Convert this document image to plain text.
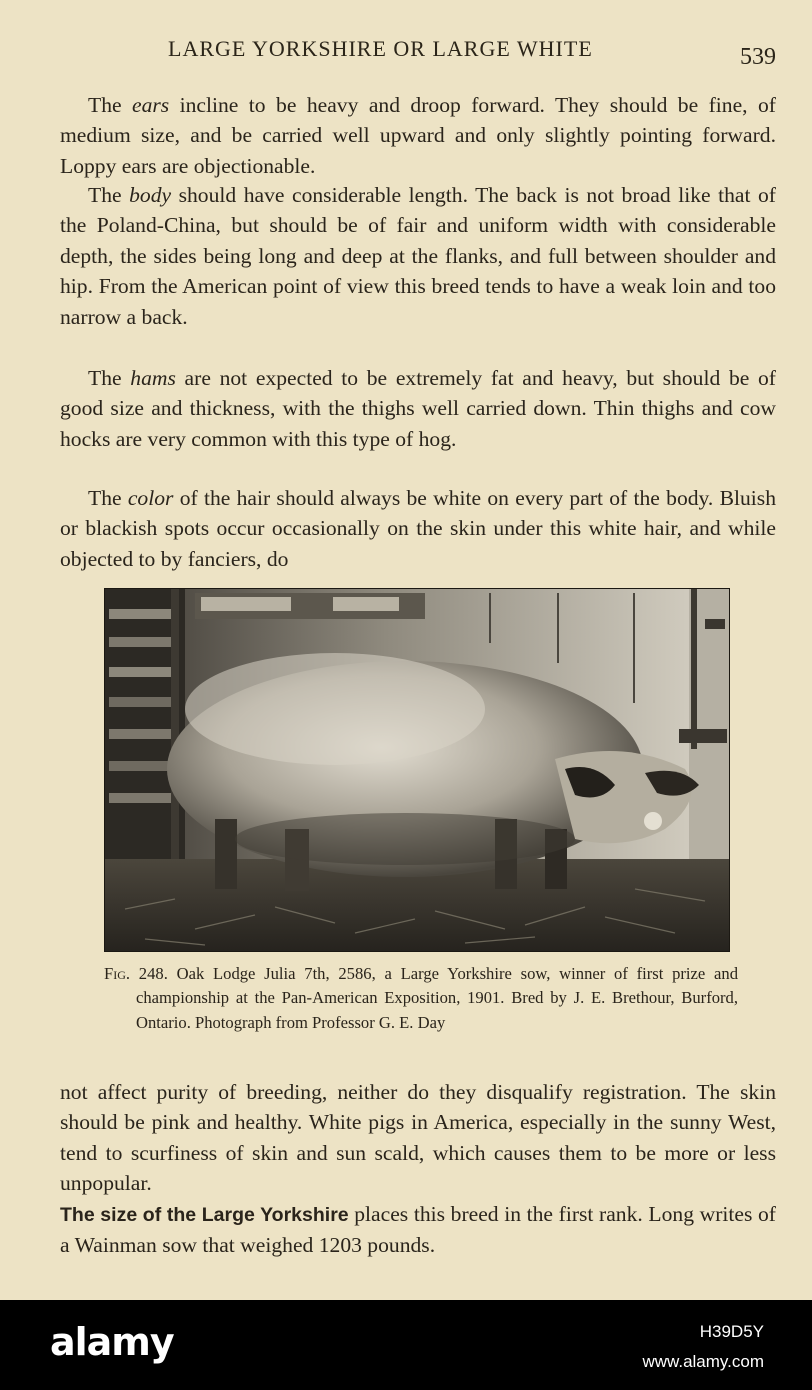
LARGE YORKSHIRE OR LARGE WHITE	539

The ears incline to be heavy and droop forward. They should be fine, of medium size, and be carried well upward and only slightly pointing forward. Loppy ears are objectionable.

The body should have considerable length. The back is not broad like that of the Poland-China, but should be of fair and uniform width with considerable depth, the sides being long and deep at the flanks, and full between shoulder and hip. From the American point of view this breed tends to have a weak loin and too narrow a back.

The hams are not expected to be extremely fat and heavy, but should be of good size and thickness, with the thighs well carried down. Thin thighs and cow hocks are very common with this type of hog.

The color of the hair should always be white on every part of the body. Bluish or blackish spots occur occasionally on the skin under this white hair, and while objected to by fanciers, do

Fig. 248. Oak Lodge Julia 7th, 2586, a Large Yorkshire sow, winner of first prize and championship at the Pan-American Exposition, 1901. Bred by J. E. Brethour, Burford, Ontario. Photograph from Professor G. E. Day

not affect purity of breeding, neither do they disqualify registration. The skin should be pink and healthy. White pigs in America, especially in the sunny West, tend to scurfiness of skin and sun scald, which causes them to be more or less unpopular.

The size of the Large Yorkshire places this breed in the first rank. Long writes of a Wainman sow that weighed 1203 pounds.

alamy	H39D5Y
www.alamy.com
